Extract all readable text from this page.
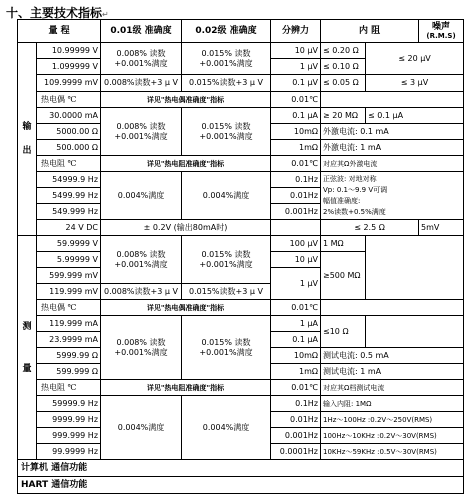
十、主要技术指标↵
量 程		0.01级 准确度	0.02级 准确度	分辨力	内 阻		噪声
(R.M.S)

输
出	10.99999 V	0.008% 读数
+0.001%满度	0.015% 读数
+0.001%满度	10 μV	≤ 0.20 Ω	≤ 20 μV	
	1.099999 V			1 μV	≤ 0.10 Ω		
	109.9999 mV	0.008%读数+3 μ V	0.015%读数+3 μ V	0.1 μV	≤ 0.05 Ω	≤ 3 μV	
	热电偶 ℃	详见"热电偶准确度"指标		0.01℃			
	30.0000 mA	0.008% 读数
+0.001%满度	0.015% 读数
+0.001%满度	0.1 μA	≥ 20 MΩ	≤ 0.1 μA	
	5000.00 Ω			10mΩ	外激电流: 0.1 mA		
	500.000 Ω			1mΩ	外激电流: 1 mA		
	热电阻 ℃	详见"热电阻准确度"指标		0.01℃	对应其Ω外激电流		
	54999.9 Hz	0.004%满度	0.004%满度	0.1Hz	正弦波: 对地对称
Vp: 0.1～9.9 V可调
幅值准确度:
2%读数+0.5%满度		
	5499.99 Hz			0.01Hz			
	549.999 Hz			0.001Hz			
	24 V DC	± 0.2V (输出80mA时)			≤ 2.5 Ω		5mV

测
量	59.9999 V	0.008% 读数
+0.001%满度	0.015% 读数
+0.001%满度	100 μV	1 MΩ		
	5.99999 V			10 μV	≥500 MΩ		
	599.999 mV			1 μV			
	119.999 mV	0.008%读数+3 μ V	0.015%读数+3 μ V				
	热电偶 ℃	详见"热电偶准确度"指标		0.01℃			
	119.999 mA	0.008% 读数
+0.001%满度	0.015% 读数
+0.001%满度	1 μA	≤10 Ω		
	23.9999 mA			0.1 μA			
	5999.99 Ω			10mΩ	测试电流: 0.5 mA		
	599.999 Ω			1mΩ	测试电流: 1 mA		
	热电阻 ℃	详见"热电阻准确度"指标		0.01℃	对应其Ω档测试电流		
	59999.9 Hz	0.004%满度	0.004%满度	0.1Hz	输入内阻: 1MΩ		
	9999.99 Hz			0.01Hz	1Hz～100Hz :0.2V～250V(RMS)		
	999.999 Hz			0.001Hz	100Hz～10KHz :0.2V～30V(RMS)		
	99.9999 Hz			0.0001Hz	10KHz～59KHz :0.5V～30V(RMS)		
计算机 通信功能							
HART 通信功能							
